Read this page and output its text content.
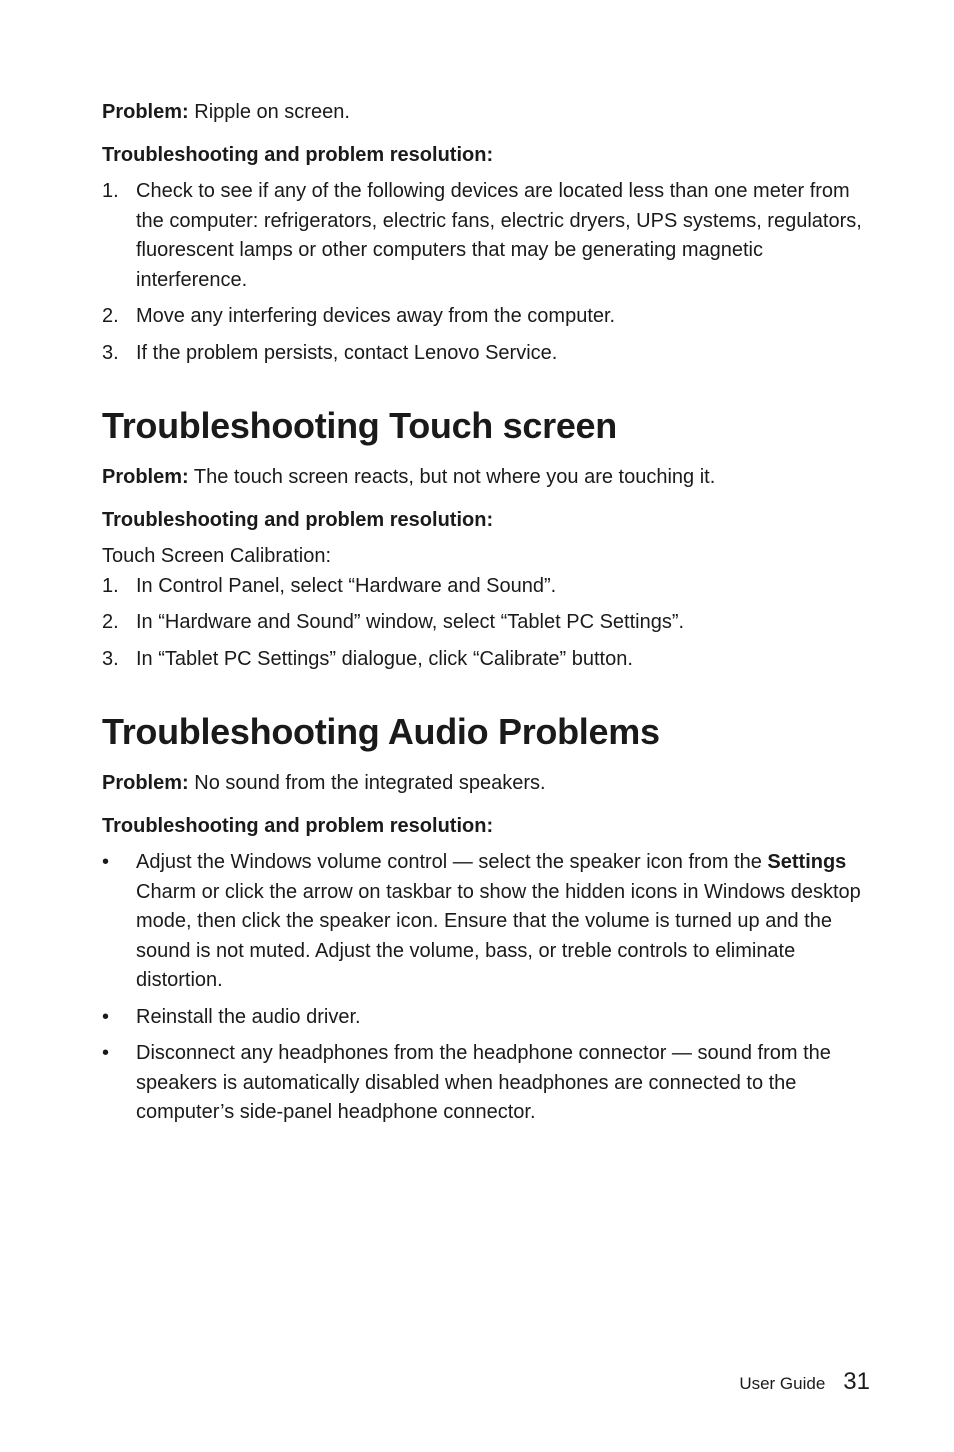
Problem: Ripple on screen.

Troubleshooting and problem resolution:

1. Check to see if any of the following devices are located less than one meter from the computer: refrigerators, electric fans, electric dryers, UPS systems, regulators, fluorescent lamps or other computers that may be generating magnetic interference.
2. Move any interfering devices away from the computer.
3. If the problem persists, contact Lenovo Service.
Troubleshooting Touch screen

Problem: The touch screen reacts, but not where you are touching it.

Troubleshooting and problem resolution:

Touch Screen Calibration:

1. In Control Panel, select “Hardware and Sound”.
2. In “Hardware and Sound” window, select “Tablet PC Settings”.
3. In “Tablet PC Settings” dialogue, click “Calibrate” button.
Troubleshooting Audio Problems

Problem: No sound from the integrated speakers.

Troubleshooting and problem resolution:

• Adjust the Windows volume control — select the speaker icon from the Settings Charm or click the arrow on taskbar to show the hidden icons in Windows desktop mode, then click the speaker icon. Ensure that the volume is turned up and the sound is not muted. Adjust the volume, bass, or treble controls to eliminate distortion.
• Reinstall the audio driver.
• Disconnect any headphones from the headphone connector — sound from the speakers is automatically disabled when headphones are connected to the computer’s side-panel headphone connector.
User Guide 31
